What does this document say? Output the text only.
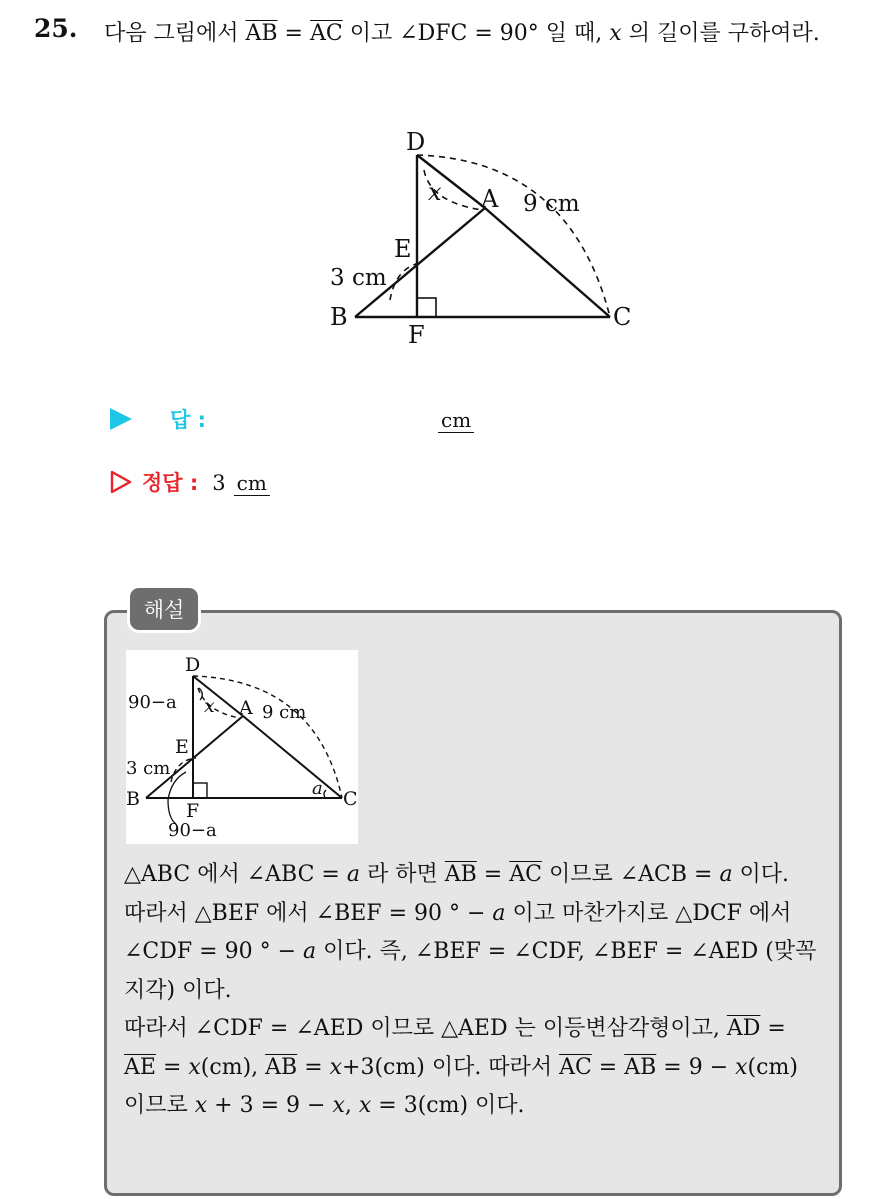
25. 다음 그림에서 $\overline{AB} = \overline{AC}$ 이고 ∠DFC = 90° 일 때, x 의 길이를 구하여라.
D
A
E
B
F
C
x	9 cm
3 cm
답 :	cm
정답 : 3 cm
해설
D
A
E
B
F
C
x	9 cm
3 cm
90−a
90−a
a
△ABC 에서 ∠ABC = a 라 하면 $\overline{AB} = \overline{AC}$ 이므로 ∠ACB = a 이다.
따라서 △BEF 에서 ∠BEF = 90 ° − a 이고 마찬가지로 △DCF 에서 ∠CDF = 90 ° − a 이다. 즉, ∠BEF = ∠CDF, ∠BEF = ∠AED (맞꼭지각) 이다.
따라서 ∠CDF = ∠AED 이므로 △AED 는 이등변삼각형이고, $\overline{AD} = \overline{AE} = x(cm)$, $\overline{AB} = x+3(cm)$ 이다. 따라서 $\overline{AC} = \overline{AB} = 9 - x(cm)$ 이므로 x + 3 = 9 − x, x = 3(cm) 이다.
